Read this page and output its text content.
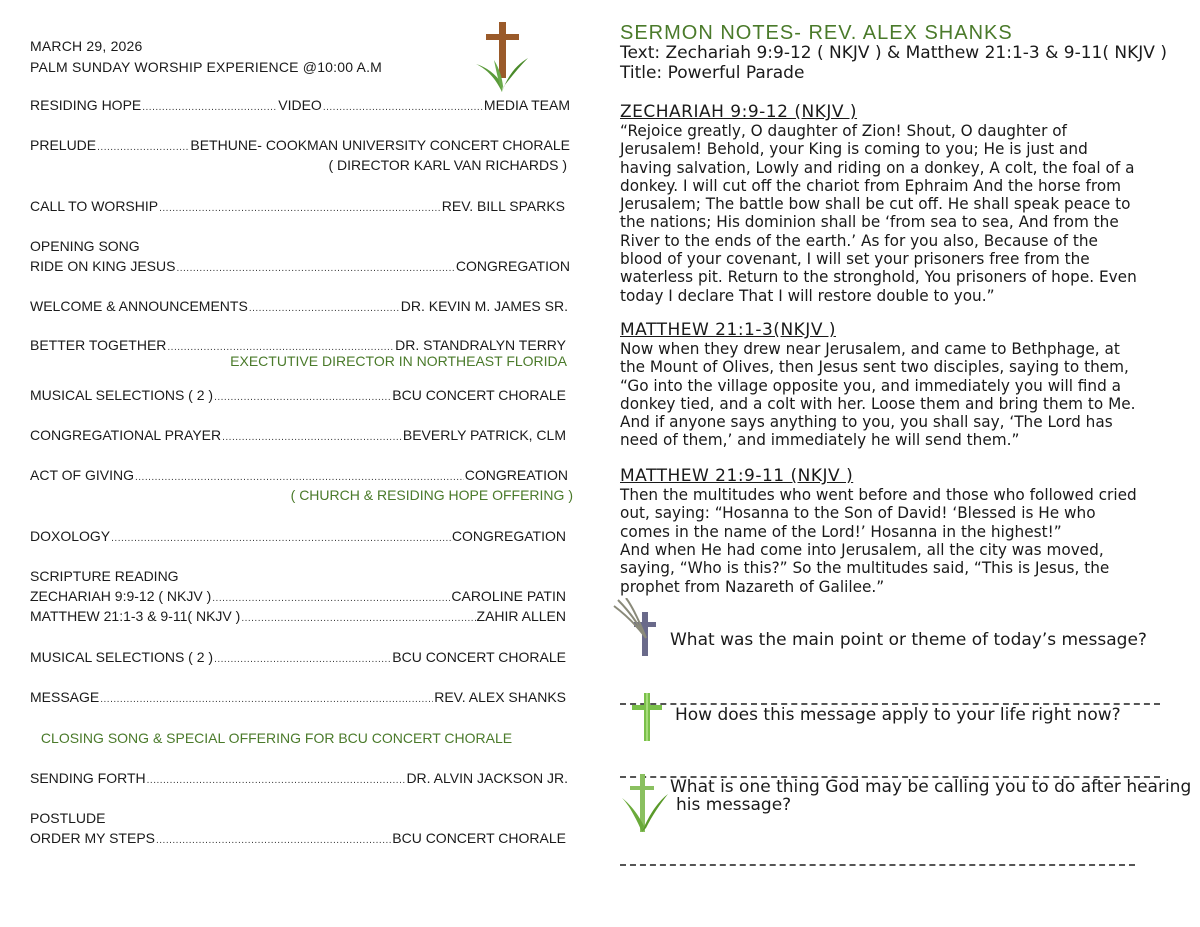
MARCH 29, 2026
PALM SUNDAY WORSHIP EXPERIENCE @10:00 A.M
RESIDING HOPE .....	VIDEO .....	MEDIA TEAM
PRELUDE .....	BETHUNE- COOKMAN UNIVERSITY CONCERT CHORALE
( DIRECTOR KARL VAN RICHARDS )
CALL TO WORSHIP .....	REV. BILL SPARKS
OPENING SONG
RIDE ON KING JESUS .....	CONGREGATION
WELCOME & ANNOUNCEMENTS .....	DR. KEVIN M. JAMES SR.
BETTER TOGETHER .....	DR. STANDRALYN TERRY
EXECTUTIVE DIRECTOR IN NORTHEAST FLORIDA
MUSICAL SELECTIONS ( 2 ) .....	BCU CONCERT CHORALE
CONGREGATIONAL PRAYER .....	BEVERLY PATRICK, CLM
ACT OF GIVING .....	CONGREATION
( CHURCH & RESIDING HOPE OFFERING )
DOXOLOGY .....	CONGREGATION
SCRIPTURE READING
ZECHARIAH 9:9-12 ( NKJV ) .....	CAROLINE PATIN
MATTHEW 21:1-3 & 9-11( NKJV ) .....	ZAHIR ALLEN
MUSICAL SELECTIONS ( 2 ) .....	BCU CONCERT CHORALE
MESSAGE .....	REV. ALEX SHANKS
CLOSING SONG & SPECIAL OFFERING FOR BCU CONCERT CHORALE
SENDING FORTH .....	DR. ALVIN JACKSON JR.
POSTLUDE
ORDER MY STEPS .....	BCU CONCERT CHORALE
SERMON NOTES- REV. ALEX SHANKS
Text: Zechariah 9:9-12 ( NKJV ) & Matthew 21:1-3 & 9-11( NKJV )
Title: Powerful Parade
ZECHARIAH 9:9-12 (NKJV )
“Rejoice greatly, O daughter of Zion! Shout, O daughter of Jerusalem! Behold, your King is coming to you; He is just and having salvation, Lowly and riding on a donkey, A colt, the foal of a donkey. I will cut off the chariot from Ephraim And the horse from Jerusalem; The battle bow shall be cut off. He shall speak peace to the nations; His dominion shall be ‘from sea to sea, And from the River to the ends of the earth.’ As for you also, Because of the blood of your covenant, I will set your prisoners free from the waterless pit. Return to the stronghold, You prisoners of hope. Even today I declare That I will restore double to you.”
MATTHEW 21:1-3(NKJV )
Now when they drew near Jerusalem, and came to Bethphage, at the Mount of Olives, then Jesus sent two disciples, saying to them, “Go into the village opposite you, and immediately you will find a donkey tied, and a colt with her. Loose them and bring them to Me. And if anyone says anything to you, you shall say, ‘The Lord has need of them,’ and immediately he will send them.”
MATTHEW 21:9-11 (NKJV )
Then the multitudes who went before and those who followed cried out, saying: “Hosanna to the Son of David! ‘Blessed is He who comes in the name of the Lord!’ Hosanna in the highest!”
And when He had come into Jerusalem, all the city was moved, saying, “Who is this?” So the multitudes said, “This is Jesus, the prophet from Nazareth of Galilee.”
What was the main point or theme of today’s message?
How does this message apply to your life right now?
What is one thing God may be calling you to do after hearing
his message?
